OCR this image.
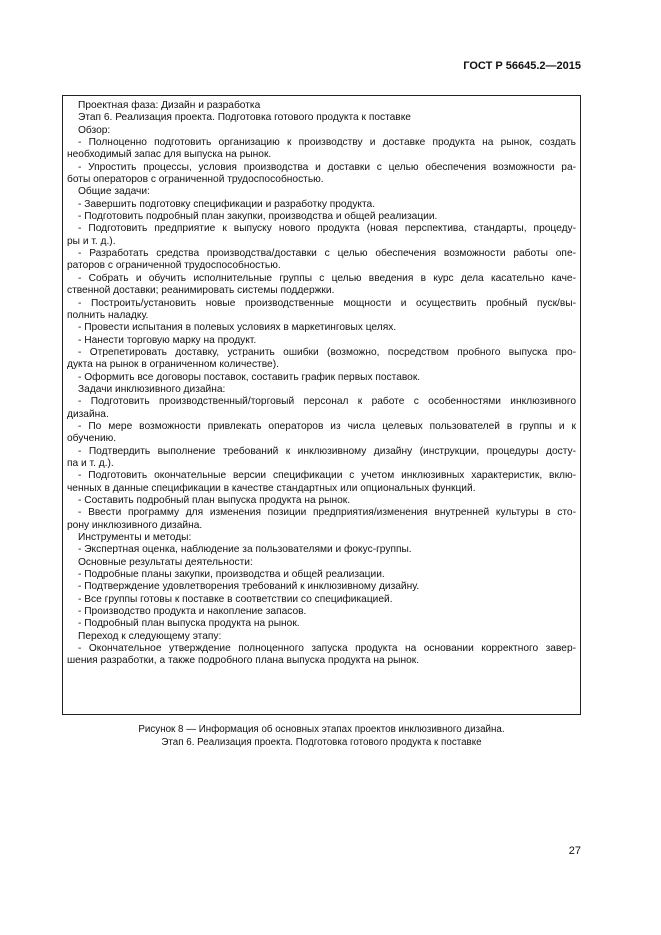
ГОСТ Р 56645.2—2015
Проектная фаза: Дизайн и разработка
Этап 6. Реализация проекта. Подготовка готового продукта к поставке
Обзор:
- Полноценно подготовить организацию к производству и доставке продукта на рынок, создать
необходимый запас для выпуска на рынок.
- Упростить процессы, условия производства и доставки с целью обеспечения возможности ра-
боты операторов с ограниченной трудоспособностью.
Общие задачи:
- Завершить подготовку спецификации и разработку продукта.
- Подготовить подробный план закупки, производства и общей реализации.
- Подготовить предприятие к выпуску нового продукта (новая перспектива, стандарты, процеду-
ры и т. д.).
- Разработать средства производства/доставки с целью обеспечения возможности работы опе-
раторов с ограниченной трудоспособностью.
- Собрать и обучить исполнительные группы с целью введения в курс дела касательно каче-
ственной доставки; реанимировать системы поддержки.
- Построить/установить новые производственные мощности и осуществить пробный пуск/вы-
полнить наладку.
- Провести испытания в полевых условиях в маркетинговых целях.
- Нанести торговую марку на продукт.
- Отрепетировать доставку, устранить ошибки (возможно, посредством пробного выпуска про-
дукта на рынок в ограниченном количестве).
- Оформить все договоры поставок, составить график первых поставок.
Задачи инклюзивного дизайна:
- Подготовить производственный/торговый персонал к работе с особенностями инклюзивного
дизайна.
- По мере возможности привлекать операторов из числа целевых пользователей в группы и к
обучению.
- Подтвердить выполнение требований к инклюзивному дизайну (инструкции, процедуры досту-
па и т. д.).
- Подготовить окончательные версии спецификации с учетом инклюзивных характеристик, вклю-
ченных в данные спецификации в качестве стандартных или опциональных функций.
- Составить подробный план выпуска продукта на рынок.
- Ввести программу для изменения позиции предприятия/изменения внутренней культуры в сто-
рону инклюзивного дизайна.
Инструменты и методы:
- Экспертная оценка, наблюдение за пользователями и фокус-группы.
Основные результаты деятельности:
- Подробные планы закупки, производства и общей реализации.
- Подтверждение удовлетворения требований к инклюзивному дизайну.
- Все группы готовы к поставке в соответствии со спецификацией.
- Производство продукта и накопление запасов.
- Подробный план выпуска продукта на рынок.
Переход к следующему этапу:
- Окончательное утверждение полноценного запуска продукта на основании корректного завер-
шения разработки, а также подробного плана выпуска продукта на рынок.
Рисунок 8 — Информация об основных этапах проектов инклюзивного дизайна.
Этап 6. Реализация проекта. Подготовка готового продукта к поставке
27
